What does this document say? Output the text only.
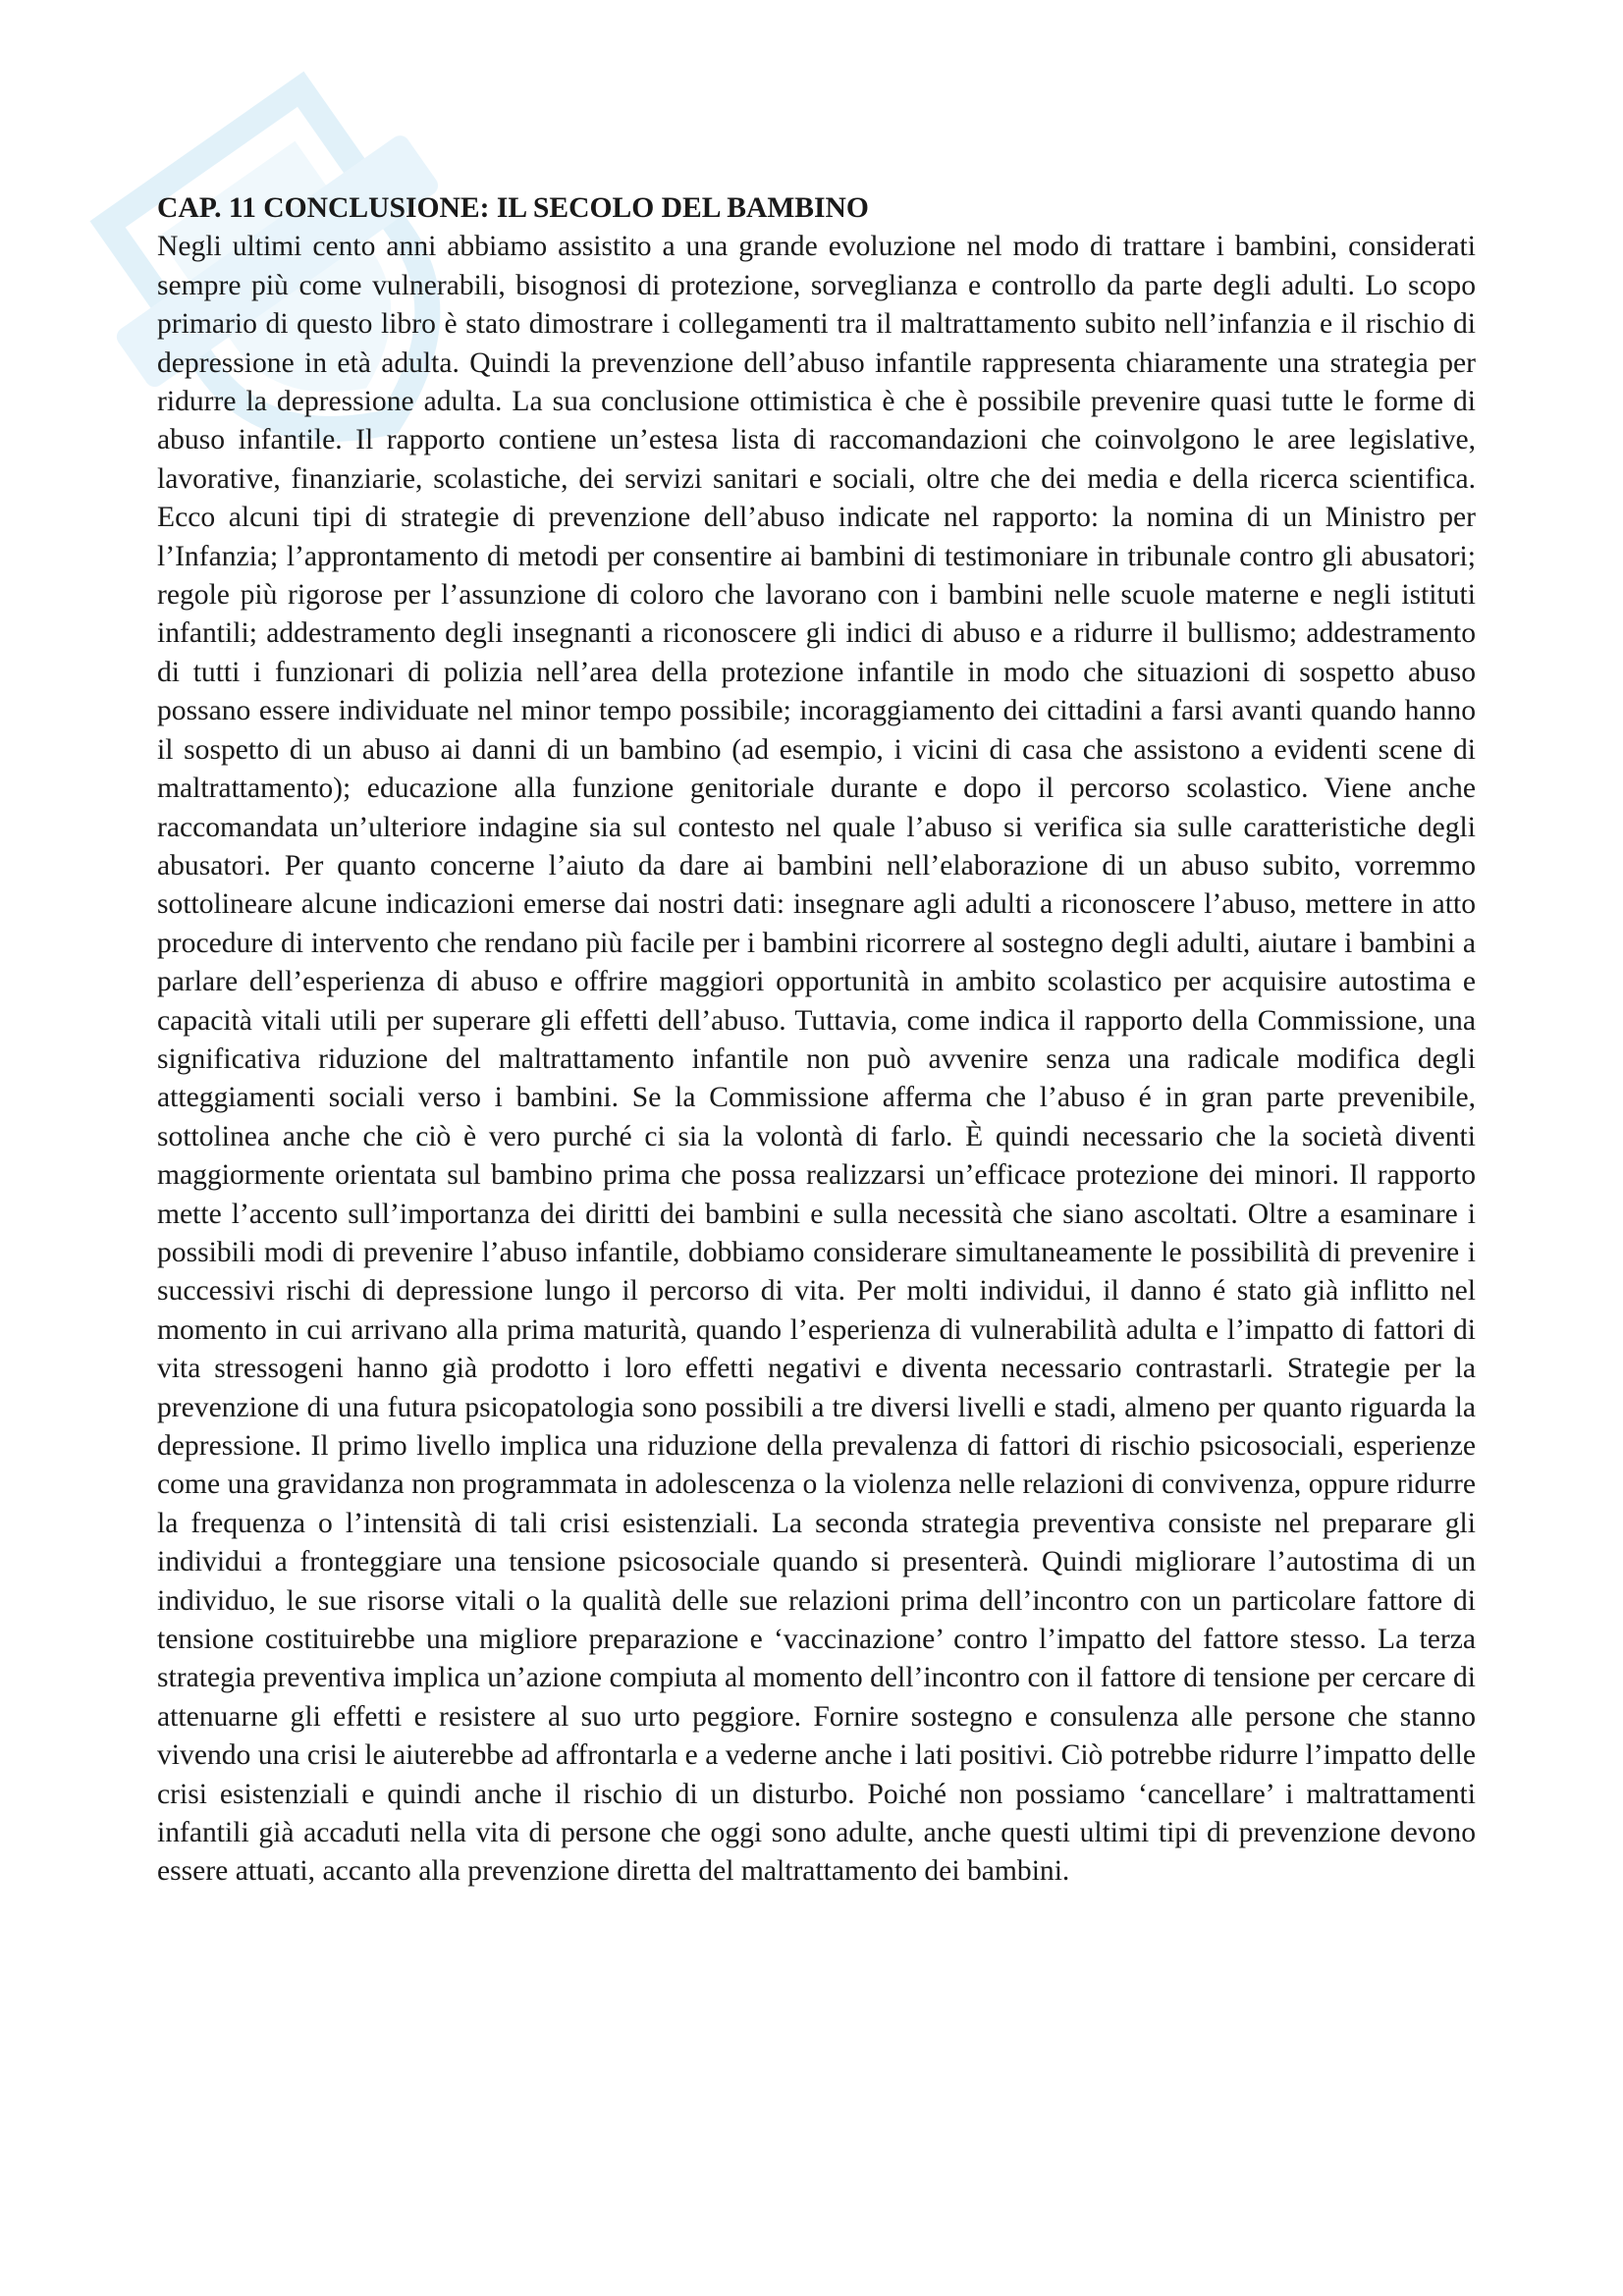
CAP. 11 CONCLUSIONE: IL SECOLO DEL BAMBINO

Negli ultimi cento anni abbiamo assistito a una grande evoluzione nel modo di trattare i bambini, considerati sempre più come vulnerabili, bisognosi di protezione, sorveglianza e controllo da parte degli adulti. Lo scopo primario di questo libro è stato dimostrare i collegamenti tra il maltrattamento subito nell’infanzia e il rischio di depressione in età adulta. Quindi la prevenzione dell’abuso infantile rappresenta chiaramente una strategia per ridurre la depressione adulta. La sua conclusione ottimistica è che è possibile prevenire quasi tutte le forme di abuso infantile. Il rapporto contiene un’estesa lista di raccomandazioni che coinvolgono le aree legislative, lavorative, finanziarie, scolastiche, dei servizi sanitari e sociali, oltre che dei media e della ricerca scientifica. Ecco alcuni tipi di strategie di prevenzione dell’abuso indicate nel rapporto: la nomina di un Ministro per l’Infanzia; l’approntamento di metodi per consentire ai bambini di testimoniare in tribunale contro gli abusatori; regole più rigorose per l’assunzione di coloro che lavorano con i bambini nelle scuole materne e negli istituti infantili; addestramento degli insegnanti a riconoscere gli indici di abuso e a ridurre il bullismo; addestramento di tutti i funzionari di polizia nell’area della protezione infantile in modo che situazioni di sospetto abuso possano essere individuate nel minor tempo possibile; incoraggiamento dei cittadini a farsi avanti quando hanno il sospetto di un abuso ai danni di un bambino (ad esempio, i vicini di casa che assistono a evidenti scene di maltrattamento); educazione alla funzione genitoriale durante e dopo il percorso scolastico. Viene anche raccomandata un’ulteriore indagine sia sul contesto nel quale l’abuso si verifica sia sulle caratteristiche degli abusatori. Per quanto concerne l’aiuto da dare ai bambini nell’elaborazione di un abuso subito, vorremmo sottolineare alcune indicazioni emerse dai nostri dati: insegnare agli adulti a riconoscere l’abuso, mettere in atto procedure di intervento che rendano più facile per i bambini ricorrere al sostegno degli adulti, aiutare i bambini a parlare dell’esperienza di abuso e offrire maggiori opportunità in ambito scolastico per acquisire autostima e capacità vitali utili per superare gli effetti dell’abuso. Tuttavia, come indica il rapporto della Commissione, una significativa riduzione del maltrattamento infantile non può avvenire senza una radicale modifica degli atteggiamenti sociali verso i bambini. Se la Commissione afferma che l’abuso é in gran parte prevenibile, sottolinea anche che ciò è vero purché ci sia la volontà di farlo. È quindi necessario che la società diventi maggiormente orientata sul bambino prima che possa realizzarsi un’efficace protezione dei minori. Il rapporto mette l’accento sull’importanza dei diritti dei bambini e sulla necessità che siano ascoltati. Oltre a esaminare i possibili modi di prevenire l’abuso infantile, dobbiamo considerare simultaneamente le possibilità di prevenire i successivi rischi di depressione lungo il percorso di vita. Per molti individui, il danno é stato già inflitto nel momento in cui arrivano alla prima maturità, quando l’esperienza di vulnerabilità adulta e l’impatto di fattori di vita stressogeni hanno già prodotto i loro effetti negativi e diventa necessario contrastarli. Strategie per la prevenzione di una futura psicopatologia sono possibili a tre diversi livelli e stadi, almeno per quanto riguarda la depressione. Il primo livello implica una riduzione della prevalenza di fattori di rischio psicosociali, esperienze come una gravidanza non programmata in adolescenza o la violenza nelle relazioni di convivenza, oppure ridurre la frequenza o l’intensità di tali crisi esistenziali. La seconda strategia preventiva consiste nel preparare gli individui a fronteggiare una tensione psicosociale quando si presenterà. Quindi migliorare l’autostima di un individuo, le sue risorse vitali o la qualità delle sue relazioni prima dell’incontro con un particolare fattore di tensione costituirebbe una migliore preparazione e ‘vaccinazione’ contro l’impatto del fattore stesso. La terza strategia preventiva implica un’azione compiuta al momento dell’incontro con il fattore di tensione per cercare di attenuarne gli effetti e resistere al suo urto peggiore. Fornire sostegno e consulenza alle persone che stanno vivendo una crisi le aiuterebbe ad affrontarla e a vederne anche i lati positivi. Ciò potrebbe ridurre l’impatto delle crisi esistenziali e quindi anche il rischio di un disturbo. Poiché non possiamo ‘cancellare’ i maltrattamenti infantili già accaduti nella vita di persone che oggi sono adulte, anche questi ultimi tipi di prevenzione devono essere attuati, accanto alla prevenzione diretta del maltrattamento dei bambini.
